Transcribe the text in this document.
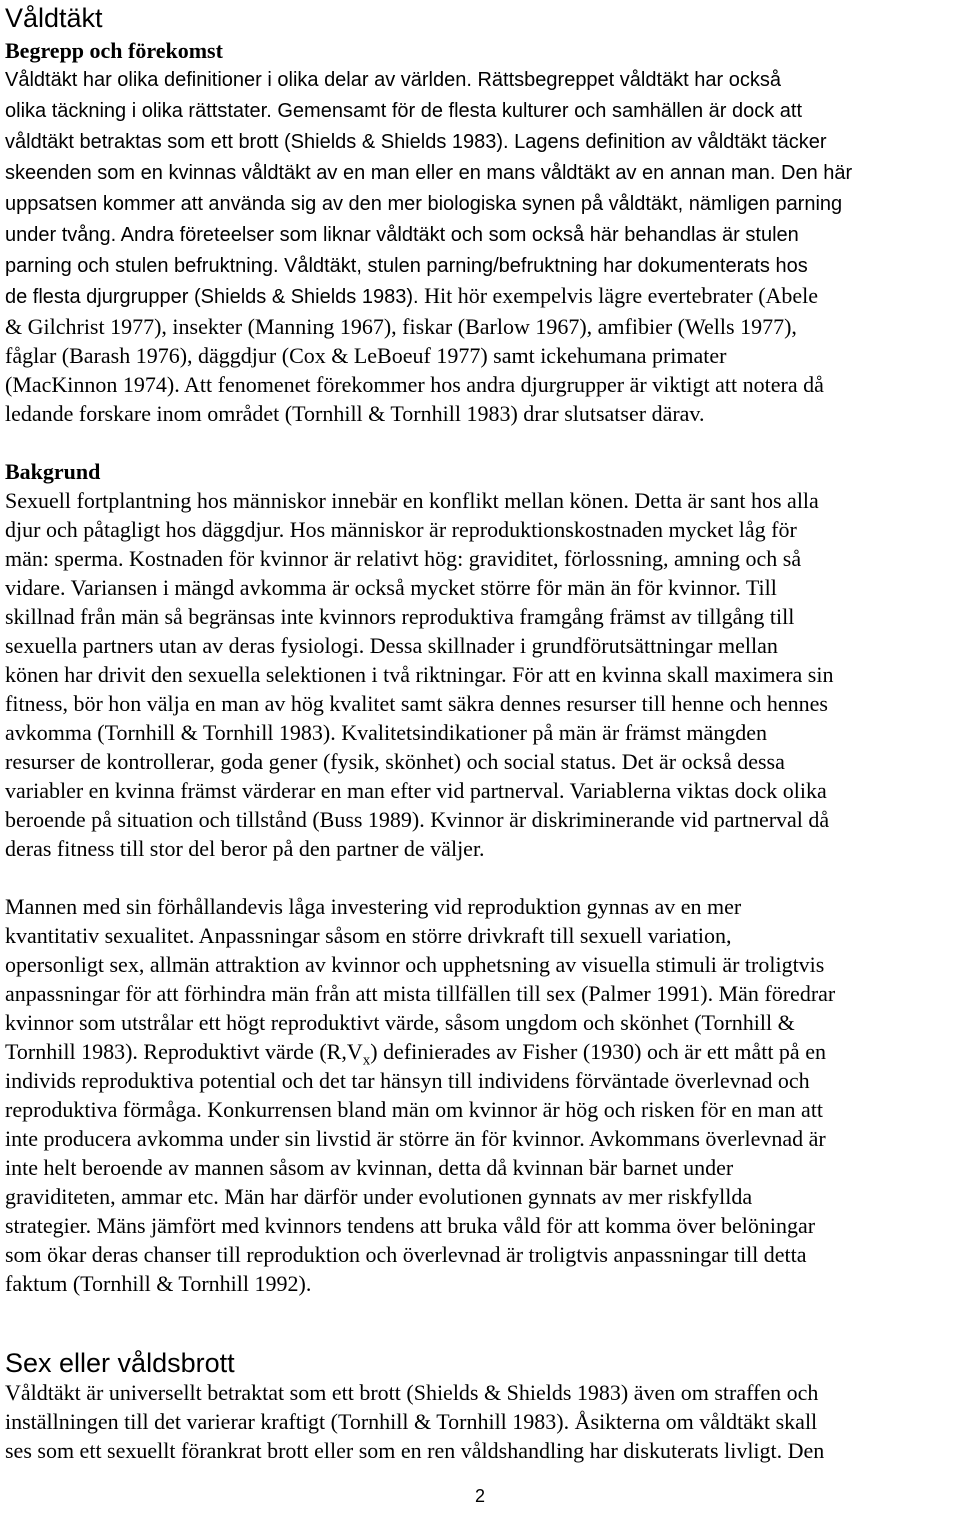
Våldtäkt
Begrepp och förekomst

Våldtäkt har olika definitioner i olika delar av världen. Rättsbegreppet våldtäkt har också
olika täckning i olika rättstater. Gemensamt för de flesta kulturer och samhällen är dock att
våldtäkt betraktas som ett brott (Shields & Shields 1983). Lagens definition av våldtäkt täcker
skeenden som en kvinnas våldtäkt av en man eller en mans våldtäkt av en annan man. Den här
uppsatsen kommer att använda sig av den mer biologiska synen på våldtäkt, nämligen parning
under tvång. Andra företeelser som liknar våldtäkt och som också här behandlas är stulen
parning och stulen befruktning. Våldtäkt, stulen parning/befruktning har dokumenterats hos
de flesta djurgrupper (Shields & Shields 1983). Hit hör exempelvis lägre evertebrater (Abele
& Gilchrist 1977), insekter (Manning 1967), fiskar (Barlow 1967), amfibier (Wells 1977),
fåglar (Barash 1976), däggdjur (Cox & LeBoeuf 1977) samt ickehumana primater
(MacKinnon 1974). Att fenomenet förekommer hos andra djurgrupper är viktigt att notera då
ledande forskare inom området (Tornhill & Tornhill 1983) drar slutsatser därav.

Bakgrund

Sexuell fortplantning hos människor innebär en konflikt mellan könen. Detta är sant hos alla
djur och påtagligt hos däggdjur. Hos människor är reproduktionskostnaden mycket låg för
män: sperma. Kostnaden för kvinnor är relativt hög: graviditet, förlossning, amning och så
vidare. Variansen i mängd avkomma är också mycket större för män än för kvinnor. Till
skillnad från män så begränsas inte kvinnors reproduktiva framgång främst av tillgång till
sexuella partners utan av deras fysiologi. Dessa skillnader i grundförutsättningar mellan
könen har drivit den sexuella selektionen i två riktningar. För att en kvinna skall maximera sin
fitness, bör hon välja en man av hög kvalitet samt säkra dennes resurser till henne och hennes
avkomma (Tornhill & Tornhill 1983). Kvalitetsindikationer på män är främst mängden
resurser de kontrollerar, goda gener (fysik, skönhet) och social status. Det är också dessa
variabler en kvinna främst värderar en man efter vid partnerval. Variablerna viktas dock olika
beroende på situation och tillstånd (Buss 1989). Kvinnor är diskriminerande vid partnerval då
deras fitness till stor del beror på den partner de väljer.

Mannen med sin förhållandevis låga investering vid reproduktion gynnas av en mer
kvantitativ sexualitet. Anpassningar såsom en större drivkraft till sexuell variation,
opersonligt sex, allmän attraktion av kvinnor och upphetsning av visuella stimuli är troligtvis
anpassningar för att förhindra män från att mista tillfällen till sex (Palmer 1991). Män föredrar
kvinnor som utstrålar ett högt reproduktivt värde, såsom ungdom och skönhet (Tornhill &
Tornhill 1983). Reproduktivt värde $(R,V_x)$ definierades av Fisher (1930) och är ett mått på en
individs reproduktiva potential och det tar hänsyn till individens förväntade överlevnad och
reproduktiva förmåga. Konkurrensen bland män om kvinnor är hög och risken för en man att
inte producera avkomma under sin livstid är större än för kvinnor. Avkommans överlevnad är
inte helt beroende av mannen såsom av kvinnan, detta då kvinnan bär barnet under
graviditeten, ammar etc. Män har därför under evolutionen gynnats av mer riskfyllda
strategier. Mäns jämfört med kvinnors tendens att bruka våld för att komma över belöningar
som ökar deras chanser till reproduktion och överlevnad är troligtvis anpassningar till detta
faktum (Tornhill & Tornhill 1992).

Sex eller våldsbrott

Våldtäkt är universellt betraktat som ett brott (Shields & Shields 1983) även om straffen och
inställningen till det varierar kraftigt (Tornhill & Tornhill 1983). Åsikterna om våldtäkt skall
ses som ett sexuellt förankrat brott eller som en ren våldshandling har diskuterats livligt. Den

2
